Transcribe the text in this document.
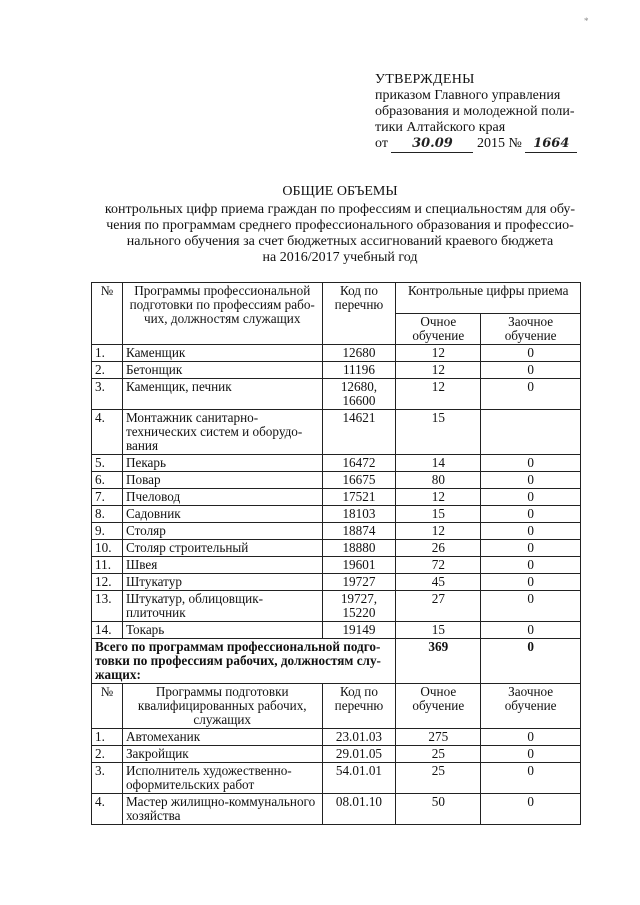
*
УТВЕРЖДЕНЫ
приказом Главного управления
образования и молодежной поли-
тики Алтайского края
от 30.09 2015 № 1664
ОБЩИЕ ОБЪЕМЫ
контрольных цифр приема граждан по профессиям и специальностям для обу-
чения по программам среднего профессионального образования и профессио-
нального обучения за счет бюджетных ассигнований краевого бюджета
на 2016/2017 учебный год
№	Программы профессиональной подготовки по профессиям рабо-чих, должностям служащих	Код по перечню	Контрольные цифры приема	
			Очное обучение	Заочное обучение
1.	Каменщик	12680	12	0
2.	Бетонщик	11196	12	0
3.	Каменщик, печник	12680, 16600	12	0
4.	Монтажник санитарно-технических систем и оборудо-вания	14621	15	
5.	Пекарь	16472	14	0
6.	Повар	16675	80	0
7.	Пчеловод	17521	12	0
8.	Садовник	18103	15	0
9.	Столяр	18874	12	0
10.	Столяр строительный	18880	26	0
11.	Швея	19601	72	0
12.	Штукатур	19727	45	0
13.	Штукатур, облицовщик-плиточник	19727, 15220	27	0
14.	Токарь	19149	15	0
Всего по программам профессиональной подго-товки по профессиям рабочих, должностям слу-жащих:			369	0
№	Программы подготовки квалифицированных рабочих, служащих	Код по перечню	Очное обучение	Заочное обучение
1.	Автомеханик	23.01.03	275	0
2.	Закройщик	29.01.05	25	0
3.	Исполнитель художественно-оформительских работ	54.01.01	25	0
4.	Мастер жилищно-коммунального хозяйства	08.01.10	50	0
